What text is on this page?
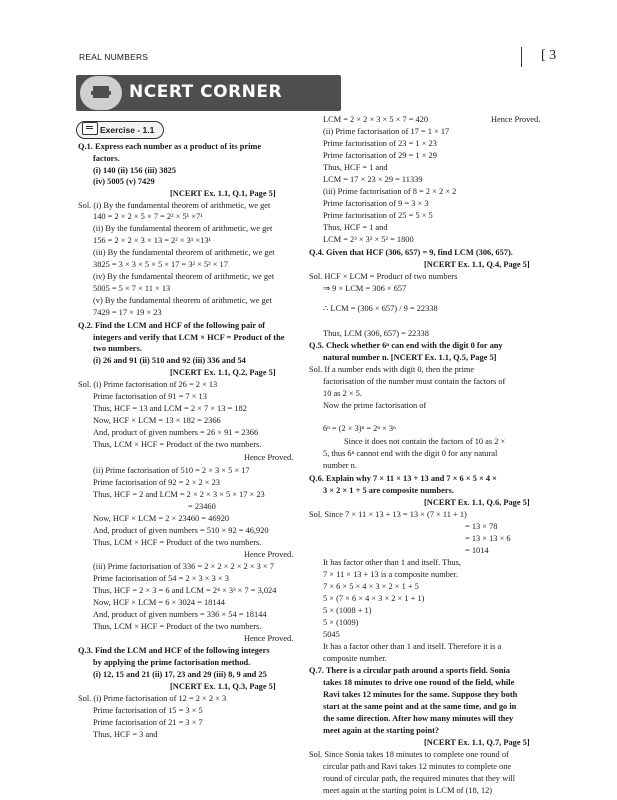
REAL NUMBERS	[ 3
NCERT CORNER
Exercise - 1.1
Q.1. Express each number as a product of its prime
factors.
(i) 140 (ii) 156 (iii) 3825
(iv) 5005 (v) 7429
[NCERT Ex. 1.1, Q.1, Page 5]
Sol. (i) By the fundamental theorem of arithmetic, we get
140 = 2 × 2 × 5 × 7 = 2² × 5¹ ×7¹
(ii) By the fundamental theorem of arithmetic, we get
156 = 2 × 2 × 3 × 13 = 2² × 3¹ ×13¹
(iii) By the fundamental theorem of arithmetic, we get
3825 = 3 × 3 × 5 × 5 × 17 = 3² × 5² × 17
(iv) By the fundamental theorem of arithmetic, we get
5005 = 5 × 7 × 11 × 13
(v) By the fundamental theorem of arithmetic, we get
7429 = 17 × 19 × 23
Q.2. Find the LCM and HCF of the following pair of
integers and verify that LCM × HCF = Product of the
two numbers.
(i) 26 and 91 (ii) 510 and 92 (iii) 336 and 54
[NCERT Ex. 1.1, Q.2, Page 5]
Sol. (i) Prime factorisation of 26 = 2 × 13
Prime factorisation of 91 = 7 × 13
Thus, HCF = 13 and LCM = 2 × 7 × 13 = 182
Now, HCF × LCM = 13 × 182 = 2366
And, product of given numbers = 26 × 91 = 2366
Thus, LCM × HCF = Product of the two numbers.
Hence Proved.
(ii) Prime factorisation of 510 = 2 × 3 × 5 × 17
Prime factorisation of 92 = 2 × 2 × 23
Thus, HCF = 2 and LCM = 2 × 2 × 3 × 5 × 17 × 23
= 23460
Now, HCF × LCM = 2 × 23460 = 46920
And, product of given numbers = 510 × 92 = 46,920
Thus, LCM × HCF = Product of the two numbers.
Hence Proved.
(iii) Prime factorisation of 336 = 2 × 2 × 2 × 2 × 3 × 7
Prime factorisation of 54 = 2 × 3 × 3 × 3
Thus, HCF = 2 × 3 = 6 and LCM = 2⁴ × 3³ × 7 = 3,024
Now, HCF × LCM = 6 × 3024 = 18144
And, product of given numbers = 336 × 54 = 18144
Thus, LCM × HCF = Product of the two numbers.
Hence Proved.
Q.3. Find the LCM and HCF of the following integers
by applying the prime factorisation method.
(i) 12, 15 and 21 (ii) 17, 23 and 29 (iii) 8, 9 and 25
[NCERT Ex. 1.1, Q.3, Page 5]
Sol. (i) Prime factorisation of 12 = 2 × 2 × 3
Prime factorisation of 15 = 3 × 5
Prime factorisation of 21 = 3 × 7
Thus, HCF = 3 and
LCM = 2 × 2 × 3 × 5 × 7 = 420	Hence Proved.
(ii) Prime factorisation of 17 = 1 × 17
Prime factorisation of 23 = 1 × 23
Prime factorisation of 29 = 1 × 29
Thus, HCF = 1 and
LCM = 17 × 23 × 29 = 11339
(iii) Prime factorisation of 8 = 2 × 2 × 2
Prime factorisation of 9 = 3 × 3
Prime factorisation of 25 = 5 × 5
Thus, HCF = 1 and
LCM = 2³ × 3² × 5² = 1800
Q.4. Given that HCF (306, 657) = 9, find LCM (306, 657).
[NCERT Ex. 1.1, Q.4, Page 5]
Sol. HCF × LCM = Product of two numbers
⇒ 9 × LCM = 306 × 657
∴ LCM = (306 × 657) / 9 = 22338
Thus, LCM (306, 657) = 22338
Q.5. Check whether 6ⁿ can end with the digit 0 for any
natural number n. [NCERT Ex. 1.1, Q.5, Page 5]
Sol. If a number ends with digit 0, then the prime
factorisation of the number must contain the factors of
10 as 2 × 5.
Now the prime factorisation of
6ⁿ = (2 × 3)ⁿ = 2ⁿ × 3ⁿ
Since it does not contain the factors of 10 as 2 ×
5, thus 6ⁿ cannot end with the digit 0 for any natural
number n.
Q.6. Explain why 7 × 11 × 13 + 13 and 7 × 6 × 5 × 4 ×
3 × 2 × 1 + 5 are composite numbers.
[NCERT Ex. 1.1, Q.6, Page 5]
Sol. Since 7 × 11 × 13 + 13 = 13 × (7 × 11 + 1)
= 13 × 78
= 13 × 13 × 6
= 1014
It has factor other than 1 and itself. Thus,
7 × 11 × 13 + 13 is a composite number.
7 × 6 × 5 × 4 × 3 × 2 × 1 + 5
5 × (7 × 6 × 4 × 3 × 2 × 1 + 1)
5 × (1008 + 1)
5 × (1009)
5045
It has a factor other than 1 and itself. Therefore it is a
composite number.
Q.7. There is a circular path around a sports field. Sonia
takes 18 minutes to drive one round of the field, while
Ravi takes 12 minutes for the same. Suppose they both
start at the same point and at the same time, and go in
the same direction. After how many minutes will they
meet again at the starting point?
[NCERT Ex. 1.1, Q.7, Page 5]
Sol. Since Sonia takes 18 minutes to complete one round of
circular path and Ravi takes 12 minutes to complete one
round of circular path, the required minutes that they will
meet again at the starting point is LCM of (18, 12)
